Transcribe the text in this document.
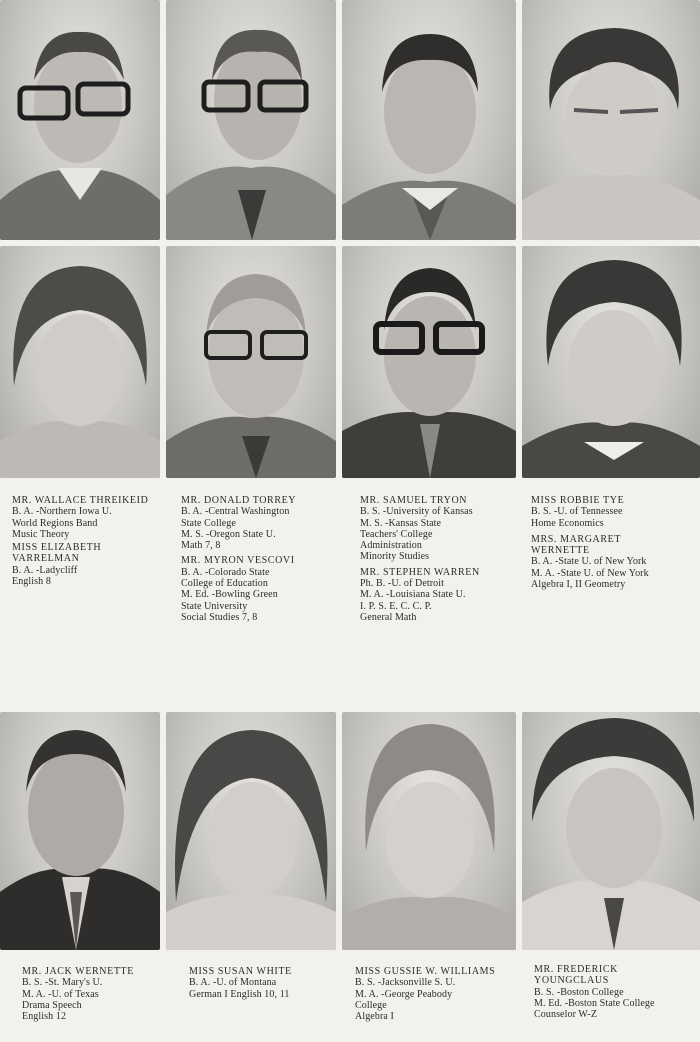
MR. WALLACE THREIKEID
B. A. -Northern Iowa U.
World Regions Band
Music Theory
MISS ELIZABETH
VARRELMAN
B. A. -Ladycliff
English 8
MR. DONALD TORREY
B. A. -Central Washington
State College
M. S. -Oregon State U.
Math 7, 8
MR. MYRON VESCOVI
B. A. -Colorado State
College of Education
M. Ed. -Bowling Green
State University
Social Studies 7, 8
MR. SAMUEL TRYON
B. S. -University of Kansas
M. S. -Kansas State
Teachers' College
Administration
Minority Studies
MR. STEPHEN WARREN
Ph. B. -U. of Detroit
M. A. -Louisiana State U.
I. P. S. E. C. C. P.
General Math
MISS ROBBIE TYE
B. S. -U. of Tennessee
Home Economics
MRS. MARGARET
WERNETTE
B. A. -State U. of New York
M. A. -State U. of New York
Algebra I, II Geometry
MR. JACK WERNETTE
B. S. -St. Mary's U.
M. A. -U. of Texas
Drama Speech
English 12
MISS SUSAN WHITE
B. A. -U. of Montana
German I English 10, 11
MISS GUSSIE W. WILLIAMS
B. S. -Jacksonville S. U.
M. A. -George Peabody
College
Algebra I
MR. FREDERICK
YOUNGCLAUS
B. S. -Boston College
M. Ed. -Boston State College
Counselor W-Z
